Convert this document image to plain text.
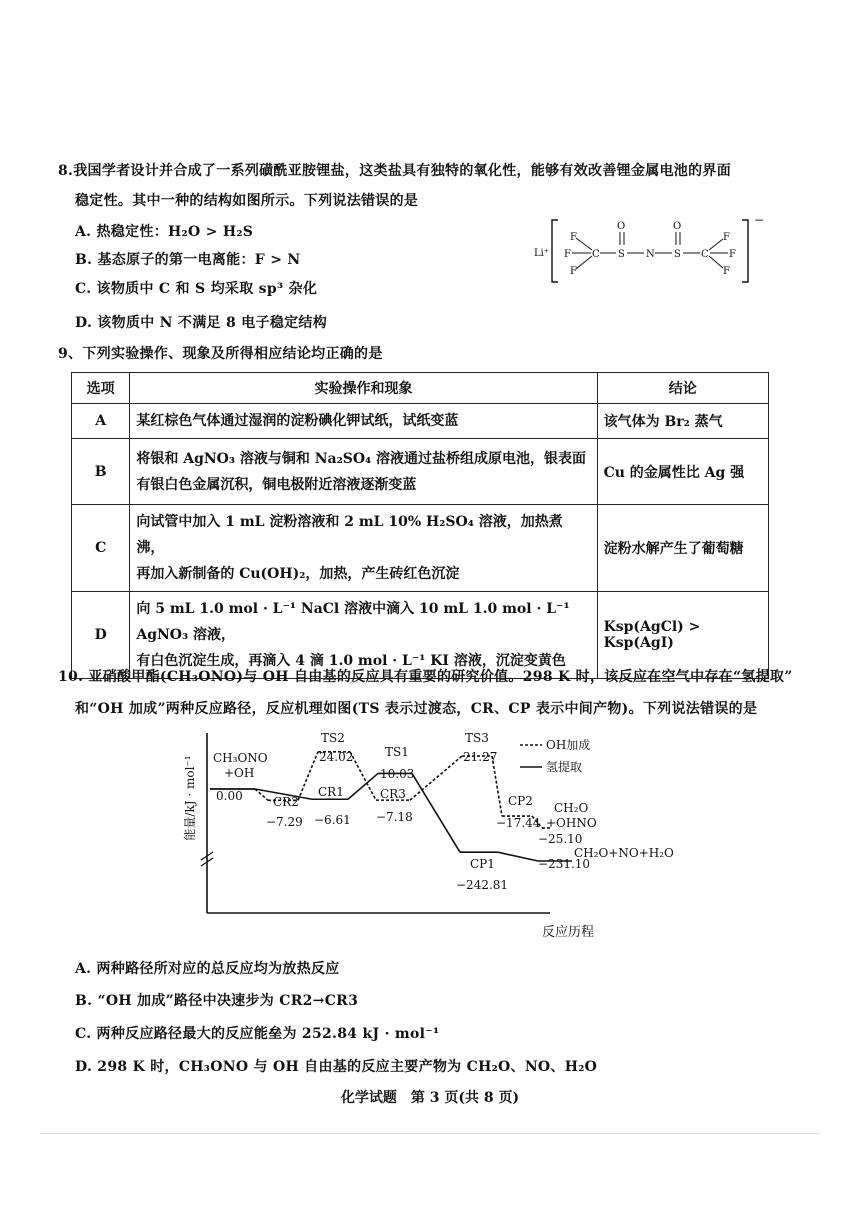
8.我国学者设计并合成了一系列磺酰亚胺锂盐，这类盐具有独特的氧化性，能够有效改善锂金属电池的界面
稳定性。其中一种的结构如图所示。下列说法错误的是
A. 热稳定性：H₂O > H₂S
B. 基态原子的第一电离能：F > N
C. 该物质中 C 和 S 均采取 sp³ 杂化
D. 该物质中 N 不满足 8 电子稳定结构
Li⁺
−
F
F
F
C S
O
N S
O
C
F
F
F
9、下列实验操作、现象及所得相应结论均正确的是
选项	实验操作和现象	结论
A	某红棕色气体通过湿润的淀粉碘化钾试纸，试纸变蓝	该气体为 Br₂ 蒸气
B	将银和 AgNO₃ 溶液与铜和 Na₂SO₄ 溶液通过盐桥组成原电池，银表面
有银白色金属沉积，铜电极附近溶液逐渐变蓝	Cu 的金属性比 Ag 强
C	向试管中加入 1 mL 淀粉溶液和 2 mL 10% H₂SO₄ 溶液，加热煮沸，
再加入新制备的 Cu(OH)₂，加热，产生砖红色沉淀	淀粉水解产生了葡萄糖
D	向 5 mL 1.0 mol · L⁻¹ NaCl 溶液中滴入 10 mL 1.0 mol · L⁻¹ AgNO₃ 溶液，
有白色沉淀生成，再滴入 4 滴 1.0 mol · L⁻¹ KI 溶液，沉淀变黄色	Ksp(AgCl) > Ksp(AgI)
10. 亚硝酸甲酯(CH₃ONO)与 OH 自由基的反应具有重要的研究价值。298 K 时，该反应在空气中存在“氢提取”
和“OH 加成”两种反应路径，反应机理如图(TS 表示过渡态，CR、CP 表示中间产物)。下列说法错误的是
能量/kJ · mol⁻¹
反应历程
OH加成
氢提取
CH₃ONO
+OH
0.00	CR2
−7.29
CR1
−6.61
TS2
24.02	TS1
10.03
CR3
−7.18
TS3
21.27
CP2
−17.44
CH₂O
+OHNO
−25.10
CP1
−242.81
CH₂O+NO+H₂O
−231.10
A. 两种路径所对应的总反应均为放热反应
B. “OH 加成”路径中决速步为 CR2→CR3
C. 两种反应路径最大的反应能垒为 252.84 kJ · mol⁻¹
D. 298 K 时，CH₃ONO 与 OH 自由基的反应主要产物为 CH₂O、NO、H₂O
化学试题　第 3 页(共 8 页)
